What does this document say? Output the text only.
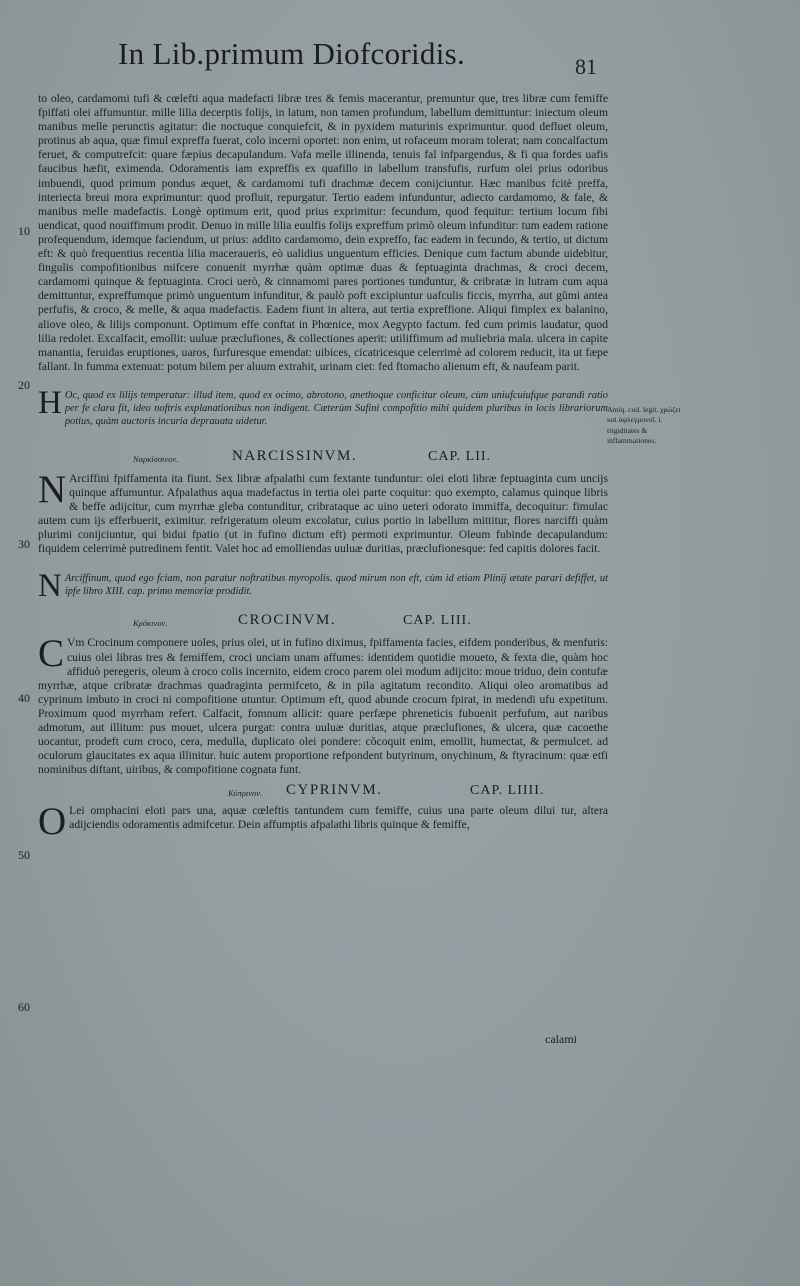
In Lib.primum Diofcoridis.	81
10
20
30
40
50
60
Antiq. cod. legit. χρώζει καὶ ἀφλεγμονοῖ. i. trigiditates & inflammationes.

to oleo, cardamomi tufi & cœlefti aqua madefacti libræ tres & femis macerantur, premuntur que, tres libræ cum femiffe fpiffati olei affumuntur. mille lilia decerptis folijs, in latum, non tamen profundum, labellum demittuntur: iniectum oleum manibus melle perunctis agitatur: die noctuque conquiefcit, & in pyxidem maturinis exprimuntur. quod defluet oleum, protinus ab aqua, quæ fimul expreffa fuerat, colo incerni oportet: non enim, ut rofaceum moram tolerat; nam concalfactum feruet, & computrefcit: quare fæpius decapulandum. Vafa melle illinenda, tenuis fal infpargendus, & fi qua fordes uafis faucibus hæfit, eximenda. Odoramentis iam expreffis ex quafillo in labellum transfufis, rurfum olei prius odoribus imbuendi, quod primum pondus æquet, & cardamomi tufi drachmæ decem conijciuntur. Hæc manibus fcitè preffa, interiecta breui mora exprimuntur: quod profluit, repurgatur. Tertio eadem infunduntur, adiecto cardamomo, & fale, & manibus melle madefactis. Longè optimum erit, quod prius exprimitur: fecundum, quod fequitur: tertium locum fibi uendicat, quod nouiffimum prodit. Denuo in mille lilia euulfis folijs expreffum primò oleum infunditur: tum eadem ratione profequendum, idemque faciendum, ut prius: addito cardamomo, dein expreffo, fac eadem in fecundo, & tertio, ut dictum eft: & quò frequentius recentia lilia maceraueris, eò ualidius unguentum efficies. Denique cum factum abunde uidebitur, fingulis compofitionibus mifcere conuenit myrrhæ quàm optimæ duas & feptuaginta drachmas, & croci decem, cardamomi quinque & feptuaginta. Croci uerò, & cinnamomi pares portiones tunduntur, & cribratæ in lutram cum aqua demittuntur, expreffumque primò unguentum infunditur, & paulò poft excipiuntur uafculis ficcis, myrrha, aut gũmi antea perfufis, & croco, & melle, & aqua madefactis. Eadem fiunt in altera, aut tertia expreffione. Aliqui fimplex ex balanino, aliove oleo, & lilijs componunt. Optimum effe conftat in Phœnice, mox Aegypto factum. fed cum primis laudatur, quod lilia redolet. Excalfacit, emollit: uuluæ præclufiones, & collectiones aperit: utiliffimum ad muliebria mala. ulcera in capite manantia, feruidas eruptiones, uaros, furfuresque emendat: uibices, cicatricesque celerrimè ad colorem reducit, ita ut fæpe fallant. In fumma extenuat: potum bilem per aluum extrahit, urinam ciet: fed ftomacho alienum eft, & naufeam parit.

H Oc, quod ex lilijs temperatur: illud item, quod ex ocimo, abrotono, anethoque conficitur oleum, cùm uniufcuiufque parandi ratio per fe clara fit, ideo noftris explanationibus non indigent. Cæterùm Sufini compofitio mihi quidem pluribus in locis librariorum potius, quàm auctoris incuria deprauata uidetur.

Ναρκίσσινον.	NARCISSINVM.	CAP. LII.

N Arciffini fpiffamenta ita fiunt. Sex libræ afpalathi cum fextante tunduntur: olei eloti libræ feptuaginta cum uncijs quinque affumuntur. Afpalathus aqua madefactus in tertia olei parte coquitur: quo exempto, calamus quinque libris & beffe adijcitur, cum myrrhæ gleba contunditur, cribrataque ac uino ueteri odorato immiffa, decoquitur: fimulac autem cum ijs efferbuerit, eximitur. refrigeratum oleum excolatur, cuius portio in labellum mittitur, flores narciffi quàm plurimi conijciuntur, qui bidui fpatio (ut in fufino dictum eft) permoti exprimuntur. Oleum fubinde decapulandum: fiquidem celerrimè putredinem fentit. Valet hoc ad emolliendas uuluæ duritias, præclufionesque: fed capitis dolores facit.

N Arciffinum, quod ego fciam, non paratur noftratibus myropolis. quod mirum non eft, cùm id etiam Plinij ætate parari defiffet, ut ipfe libro XIII. cap. primo memoriæ prodidit.

Κρόκινον.	CROCINVM.	CAP. LIII.

C Vm Crocinum componere uoles, prius olei, ut in fufino diximus, fpiffamenta facies, eifdem ponderibus, & menfuris: cuius olei libras tres & femiffem, croci unciam unam affumes: identidem quotidie moueto, & fexta die, quàm hoc affiduò peregeris, oleum à croco colis incernito, eidem croco parem olei modum adijcito: moue triduo, dein contufæ myrrhæ, atque cribratæ drachmas quadraginta permifceto, & in pila agitatum recondito. Aliqui oleo aromatibus ad cyprinum imbuto in croci ni compofitione utuntur. Optimum eft, quod abunde crocum fpirat, in medendi ufu expetitum. Proximum quod myrrham refert. Calfacit, fomnum allicit: quare perfæpe phreneticis fubuenit perfufum, aut naribus admotum, aut illitum: pus mouet, ulcera purgat: contra uuluæ duritias, atque præclufiones, & ulcera, quæ cacoethe uocantur, prodeft cum croco, cera, medulla, duplicato olei pondere: cõcoquit enim, emollit, humectat, & permulcet. ad oculorum glaucitates ex aqua illinitur. huic autem proportione refpondent butyrinum, onychinum, & ftyracinum: quæ etfi nominibus diftant, uiribus, & compofitione cognata funt.

Κύπρινον. CYPRINVM.	CAP. LIIII.

O Lei omphacini eloti pars una, aquæ cœleftis tantundem cum femiffe, cuius una parte oleum dilui tur, altera adijciendis odoramentis admifcetur. Dein affumptis afpalathi libris quinque & femiffe,

calami
